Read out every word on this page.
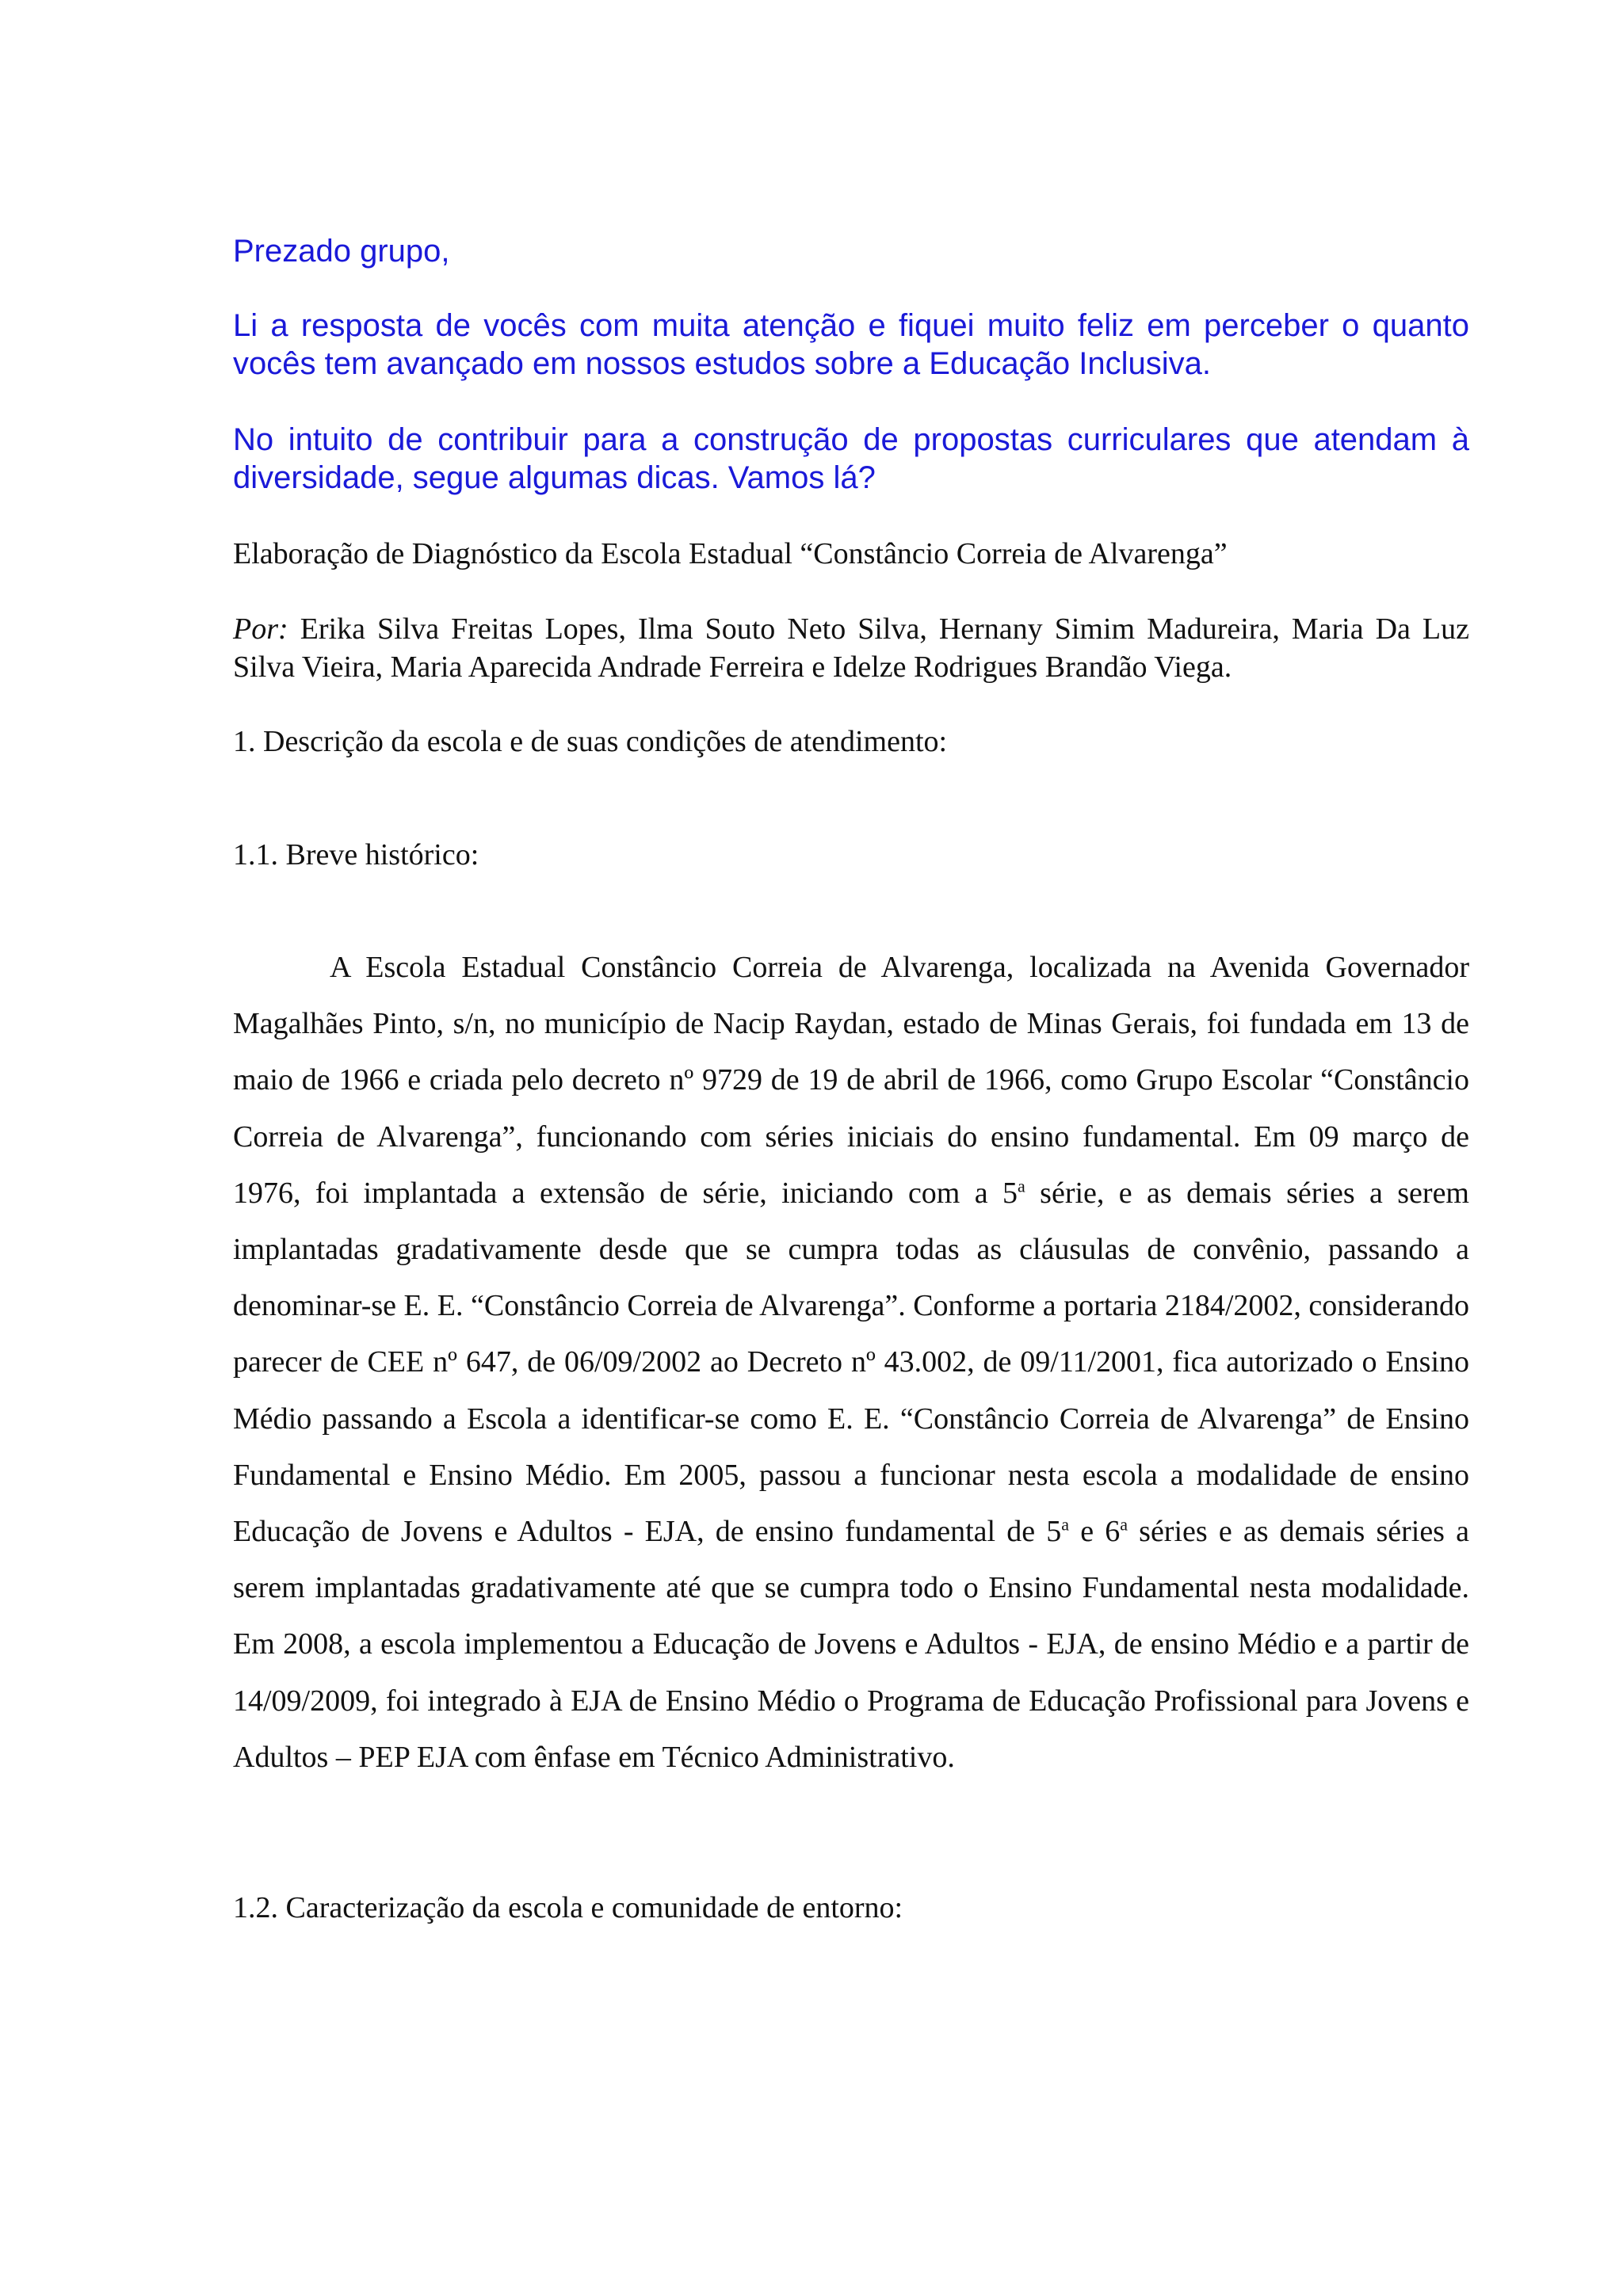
Prezado grupo,
Li a resposta de vocês com muita atenção e fiquei muito feliz em perceber o quanto vocês tem avançado em nossos estudos sobre a Educação Inclusiva.
No intuito de contribuir para a construção de propostas curriculares que atendam à diversidade, segue algumas dicas. Vamos lá?
Elaboração de Diagnóstico da Escola Estadual “Constâncio Correia de Alvarenga”
Por: Erika Silva Freitas Lopes, Ilma Souto Neto Silva, Hernany Simim Madureira, Maria Da Luz Silva Vieira, Maria Aparecida Andrade Ferreira e Idelze Rodrigues Brandão Viega.
1. Descrição da escola e de suas condições de atendimento:
1.1. Breve histórico:
A Escola Estadual Constâncio Correia de Alvarenga, localizada na Avenida Governador Magalhães Pinto, s/n, no município de Nacip Raydan, estado de Minas Gerais, foi fundada em 13 de maio de 1966 e criada pelo decreto nº 9729 de 19 de abril de 1966, como Grupo Escolar “Constâncio Correia de Alvarenga”, funcionando com séries iniciais do ensino fundamental. Em 09 março de 1976, foi implantada a extensão de série, iniciando com a 5$^a$ série, e as demais séries a serem implantadas gradativamente desde que se cumpra todas as cláusulas de convênio, passando a denominar-se E. E. “Constâncio Correia de Alvarenga”. Conforme a portaria 2184/2002, considerando parecer de CEE nº 647, de 06/09/2002 ao Decreto nº 43.002, de 09/11/2001, fica autorizado o Ensino Médio passando a Escola a identificar-se como E. E. “Constâncio Correia de Alvarenga” de Ensino Fundamental e Ensino Médio. Em 2005, passou a funcionar nesta escola a modalidade de ensino Educação de Jovens e Adultos - EJA, de ensino fundamental de 5$^a$ e 6$^a$ séries e as demais séries a serem implantadas gradativamente até que se cumpra todo o Ensino Fundamental nesta modalidade. Em 2008, a escola implementou a Educação de Jovens e Adultos - EJA, de ensino Médio e a partir de 14/09/2009, foi integrado à EJA de Ensino Médio o Programa de Educação Profissional para Jovens e Adultos – PEP EJA com ênfase em Técnico Administrativo.
1.2. Caracterização da escola e comunidade de entorno:
